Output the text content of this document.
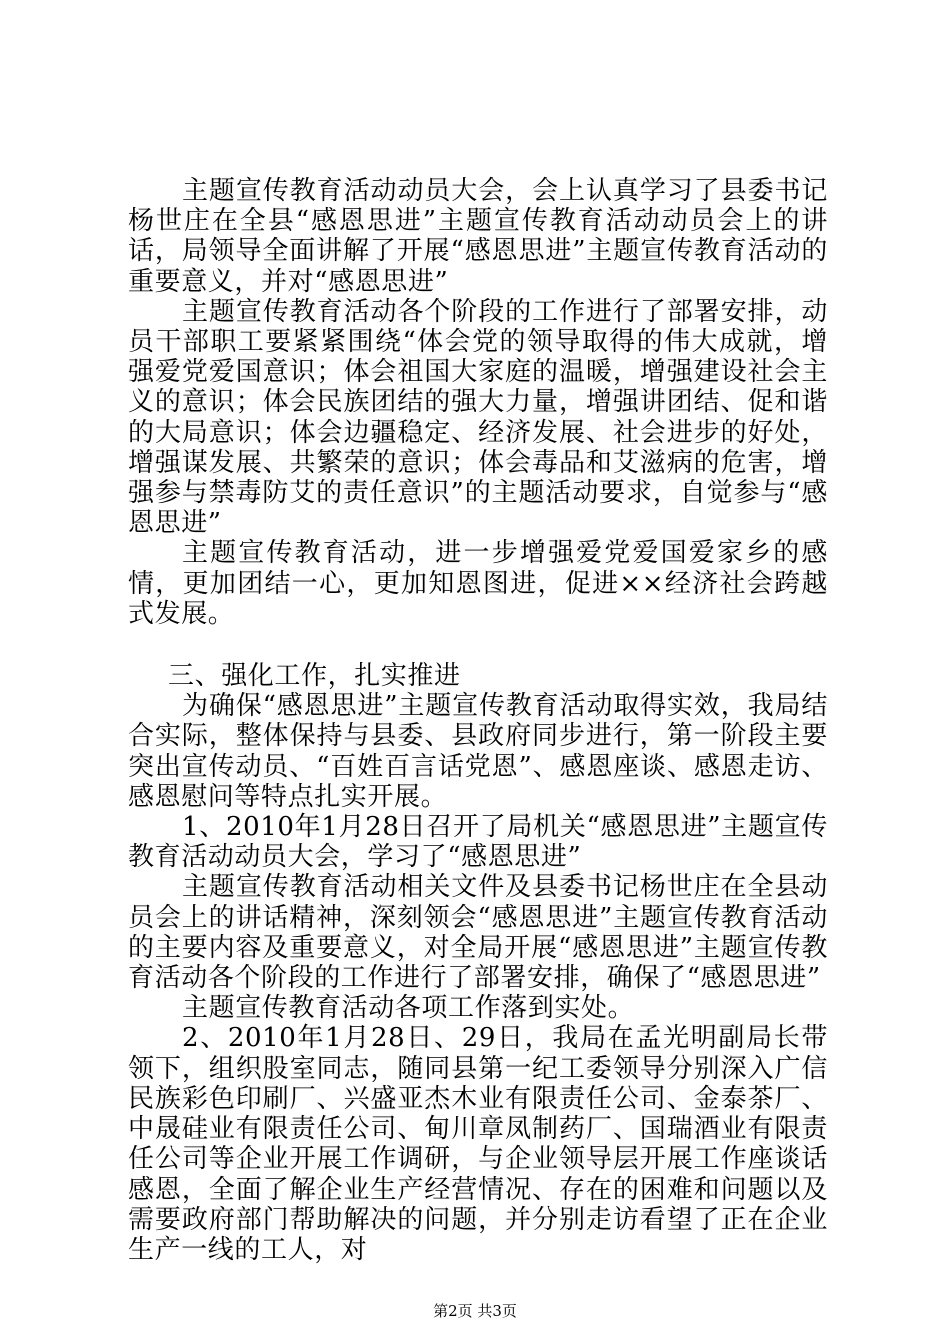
主题宣传教育活动动员大会，会上认真学习了县委书记杨世庄在全县“感恩思进”主题宣传教育活动动员会上的讲话，局领导全面讲解了开展“感恩思进”主题宣传教育活动的重要意义，并对“感恩思进”

主题宣传教育活动各个阶段的工作进行了部署安排，动员干部职工要紧紧围绕“体会党的领导取得的伟大成就，增强爱党爱国意识；体会祖国大家庭的温暖，增强建设社会主义的意识；体会民族团结的强大力量，增强讲团结、促和谐的大局意识；体会边疆稳定、经济发展、社会进步的好处，增强谋发展、共繁荣的意识；体会毒品和艾滋病的危害，增强参与禁毒防艾的责任意识”的主题活动要求，自觉参与“感恩思进”

主题宣传教育活动，进一步增强爱党爱国爱家乡的感情，更加团结一心，更加知恩图进，促进××经济社会跨越式发展。

三、强化工作，扎实推进

为确保“感恩思进”主题宣传教育活动取得实效，我局结合实际，整体保持与县委、县政府同步进行，第一阶段主要突出宣传动员、“百姓百言话党恩”、感恩座谈、感恩走访、感恩慰问等特点扎实开展。

1、2010年1月28日召开了局机关“感恩思进”主题宣传教育活动动员大会，学习了“感恩思进”

主题宣传教育活动相关文件及县委书记杨世庄在全县动员会上的讲话精神，深刻领会“感恩思进”主题宣传教育活动的主要内容及重要意义，对全局开展“感恩思进”主题宣传教育活动各个阶段的工作进行了部署安排，确保了“感恩思进”

主题宣传教育活动各项工作落到实处。

2、2010年1月28日、29日，我局在孟光明副局长带领下，组织股室同志，随同县第一纪工委领导分别深入广信民族彩色印刷厂、兴盛亚杰木业有限责任公司、金泰茶厂、中晟硅业有限责任公司、甸川章凤制药厂、国瑞酒业有限责任公司等企业开展工作调研，与企业领导层开展工作座谈话感恩，全面了解企业生产经营情况、存在的困难和问题以及需要政府部门帮助解决的问题，并分别走访看望了正在企业生产一线的工人，对

第2页 共3页
